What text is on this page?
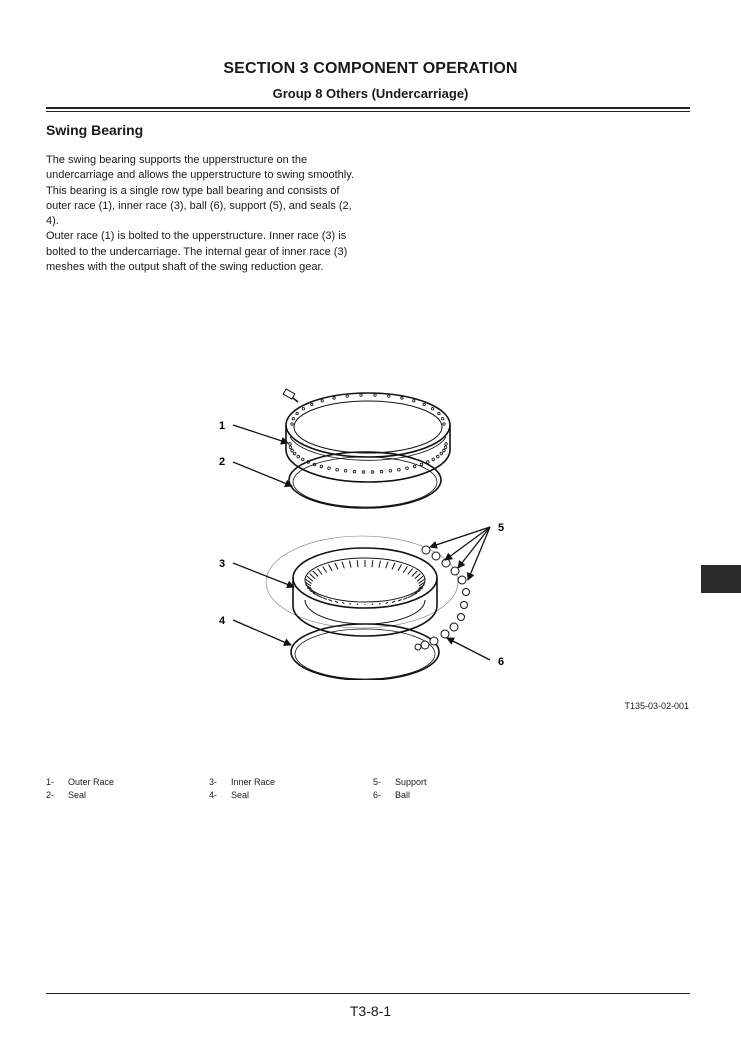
SECTION 3 COMPONENT OPERATION
Group 8 Others (Undercarriage)
Swing Bearing

The swing bearing supports the upperstructure on the undercarriage and allows the upperstructure to swing smoothly.

This bearing is a single row type ball bearing and consists of outer race (1), inner race (3), ball (6), support (5), and seals (2, 4).

Outer race (1) is bolted to the upperstructure. Inner race (3) is bolted to the undercarriage. The internal gear of inner race (3) meshes with the output shaft of the swing reduction gear.

1
2
3
4
5
6
T135-03-02-001
1-	Outer Race
2-	Seal
3-	Inner Race
4-	Seal
5-	Support
6-	Ball
T3-8-1
